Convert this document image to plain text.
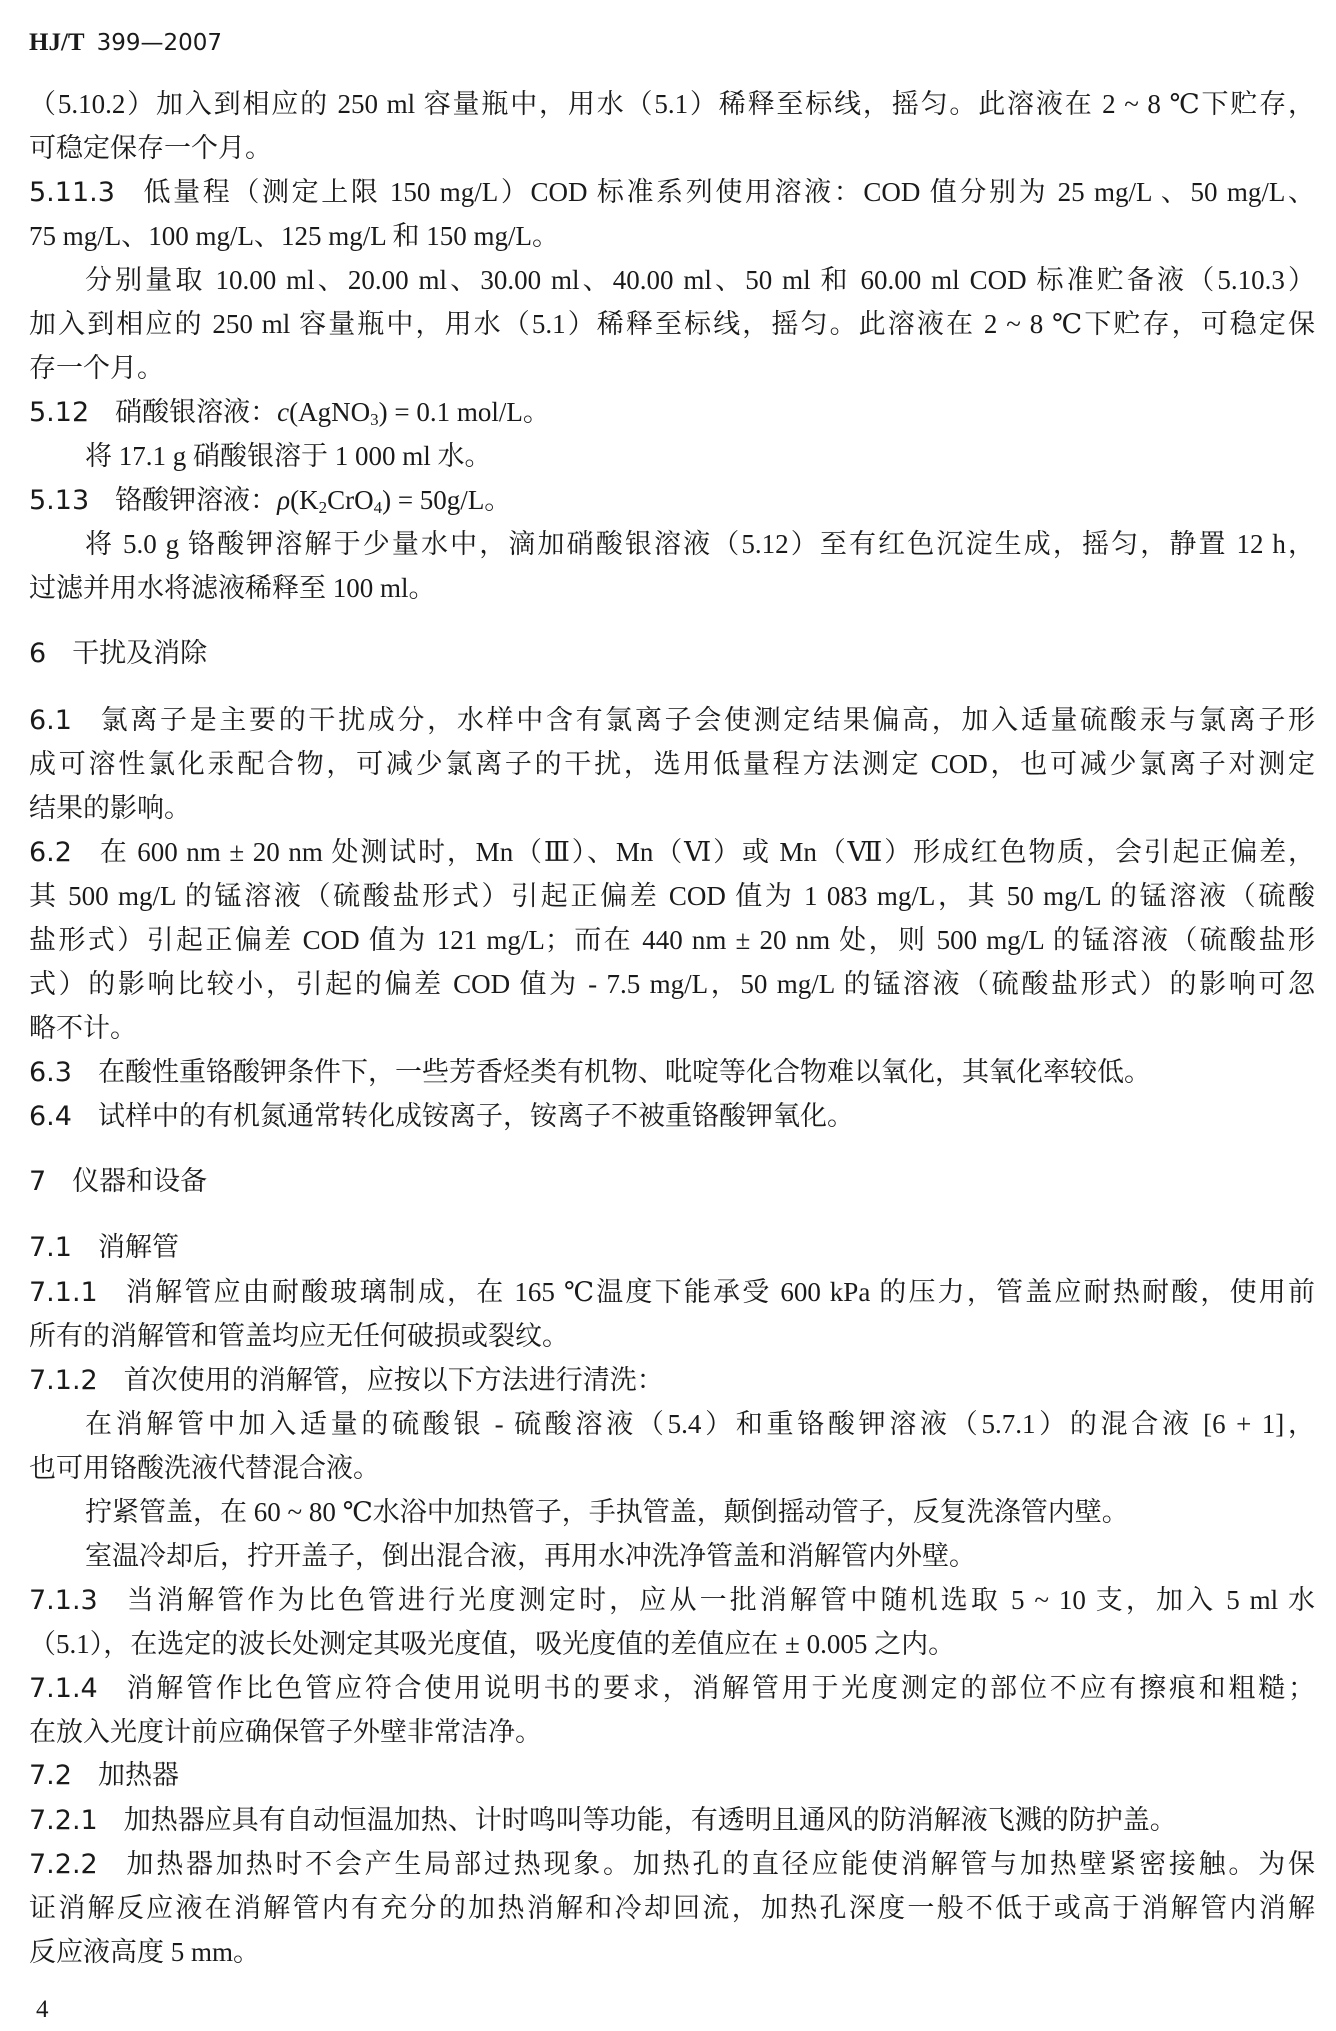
HJ/T 399—2007
（5.10.2）加入到相应的 250 ml 容量瓶中，用水（5.1）稀释至标线，摇匀。此溶液在 2 ~ 8 ℃下贮存，
可稳定保存一个月。
5.11.3 低量程（测定上限 150 mg/L）COD 标准系列使用溶液：COD 值分别为 25 mg/L 、50 mg/L、
75 mg/L、100 mg/L、125 mg/L 和 150 mg/L。
分别量取 10.00 ml、20.00 ml、30.00 ml、40.00 ml、50 ml 和 60.00 ml COD 标准贮备液（5.10.3）
加入到相应的 250 ml 容量瓶中，用水（5.1）稀释至标线，摇匀。此溶液在 2 ~ 8 ℃下贮存，可稳定保
存一个月。
5.12 硝酸银溶液：c(AgNO$_3$) = 0.1 mol/L。
将 17.1 g 硝酸银溶于 1 000 ml 水。
5.13 铬酸钾溶液：$\rho(K_2CrO_4) = 50g/L$。
将 5.0 g 铬酸钾溶解于少量水中，滴加硝酸银溶液（5.12）至有红色沉淀生成，摇匀，静置 12 h，
过滤并用水将滤液稀释至 100 ml。
6 干扰及消除
6.1 氯离子是主要的干扰成分，水样中含有氯离子会使测定结果偏高，加入适量硫酸汞与氯离子形
成可溶性氯化汞配合物，可减少氯离子的干扰，选用低量程方法测定 COD，也可减少氯离子对测定
结果的影响。
6.2 在 600 nm ± 20 nm 处测试时，Mn（Ⅲ）、Mn（Ⅵ）或 Mn（Ⅶ）形成红色物质，会引起正偏差，
其 500 mg/L 的锰溶液（硫酸盐形式）引起正偏差 COD 值为 1 083 mg/L，其 50 mg/L 的锰溶液（硫酸
盐形式）引起正偏差 COD 值为 121 mg/L；而在 440 nm ± 20 nm 处，则 500 mg/L 的锰溶液（硫酸盐形
式）的影响比较小，引起的偏差 COD 值为 - 7.5 mg/L，50 mg/L 的锰溶液（硫酸盐形式）的影响可忽
略不计。
6.3 在酸性重铬酸钾条件下，一些芳香烃类有机物、吡啶等化合物难以氧化，其氧化率较低。
6.4 试样中的有机氮通常转化成铵离子，铵离子不被重铬酸钾氧化。
7 仪器和设备
7.1 消解管
7.1.1 消解管应由耐酸玻璃制成，在 165 ℃温度下能承受 600 kPa 的压力，管盖应耐热耐酸，使用前
所有的消解管和管盖均应无任何破损或裂纹。
7.1.2 首次使用的消解管，应按以下方法进行清洗：
在消解管中加入适量的硫酸银 - 硫酸溶液（5.4）和重铬酸钾溶液（5.7.1）的混合液 [6 + 1]，
也可用铬酸洗液代替混合液。
拧紧管盖，在 60 ~ 80 ℃水浴中加热管子，手执管盖，颠倒摇动管子，反复洗涤管内壁。
室温冷却后，拧开盖子，倒出混合液，再用水冲洗净管盖和消解管内外壁。
7.1.3 当消解管作为比色管进行光度测定时，应从一批消解管中随机选取 5 ~ 10 支，加入 5 ml 水
（5.1），在选定的波长处测定其吸光度值，吸光度值的差值应在 ± 0.005 之内。
7.1.4 消解管作比色管应符合使用说明书的要求，消解管用于光度测定的部位不应有擦痕和粗糙；
在放入光度计前应确保管子外壁非常洁净。
7.2 加热器
7.2.1 加热器应具有自动恒温加热、计时鸣叫等功能，有透明且通风的防消解液飞溅的防护盖。
7.2.2 加热器加热时不会产生局部过热现象。加热孔的直径应能使消解管与加热壁紧密接触。为保
证消解反应液在消解管内有充分的加热消解和冷却回流，加热孔深度一般不低于或高于消解管内消解
反应液高度 5 mm。
4
